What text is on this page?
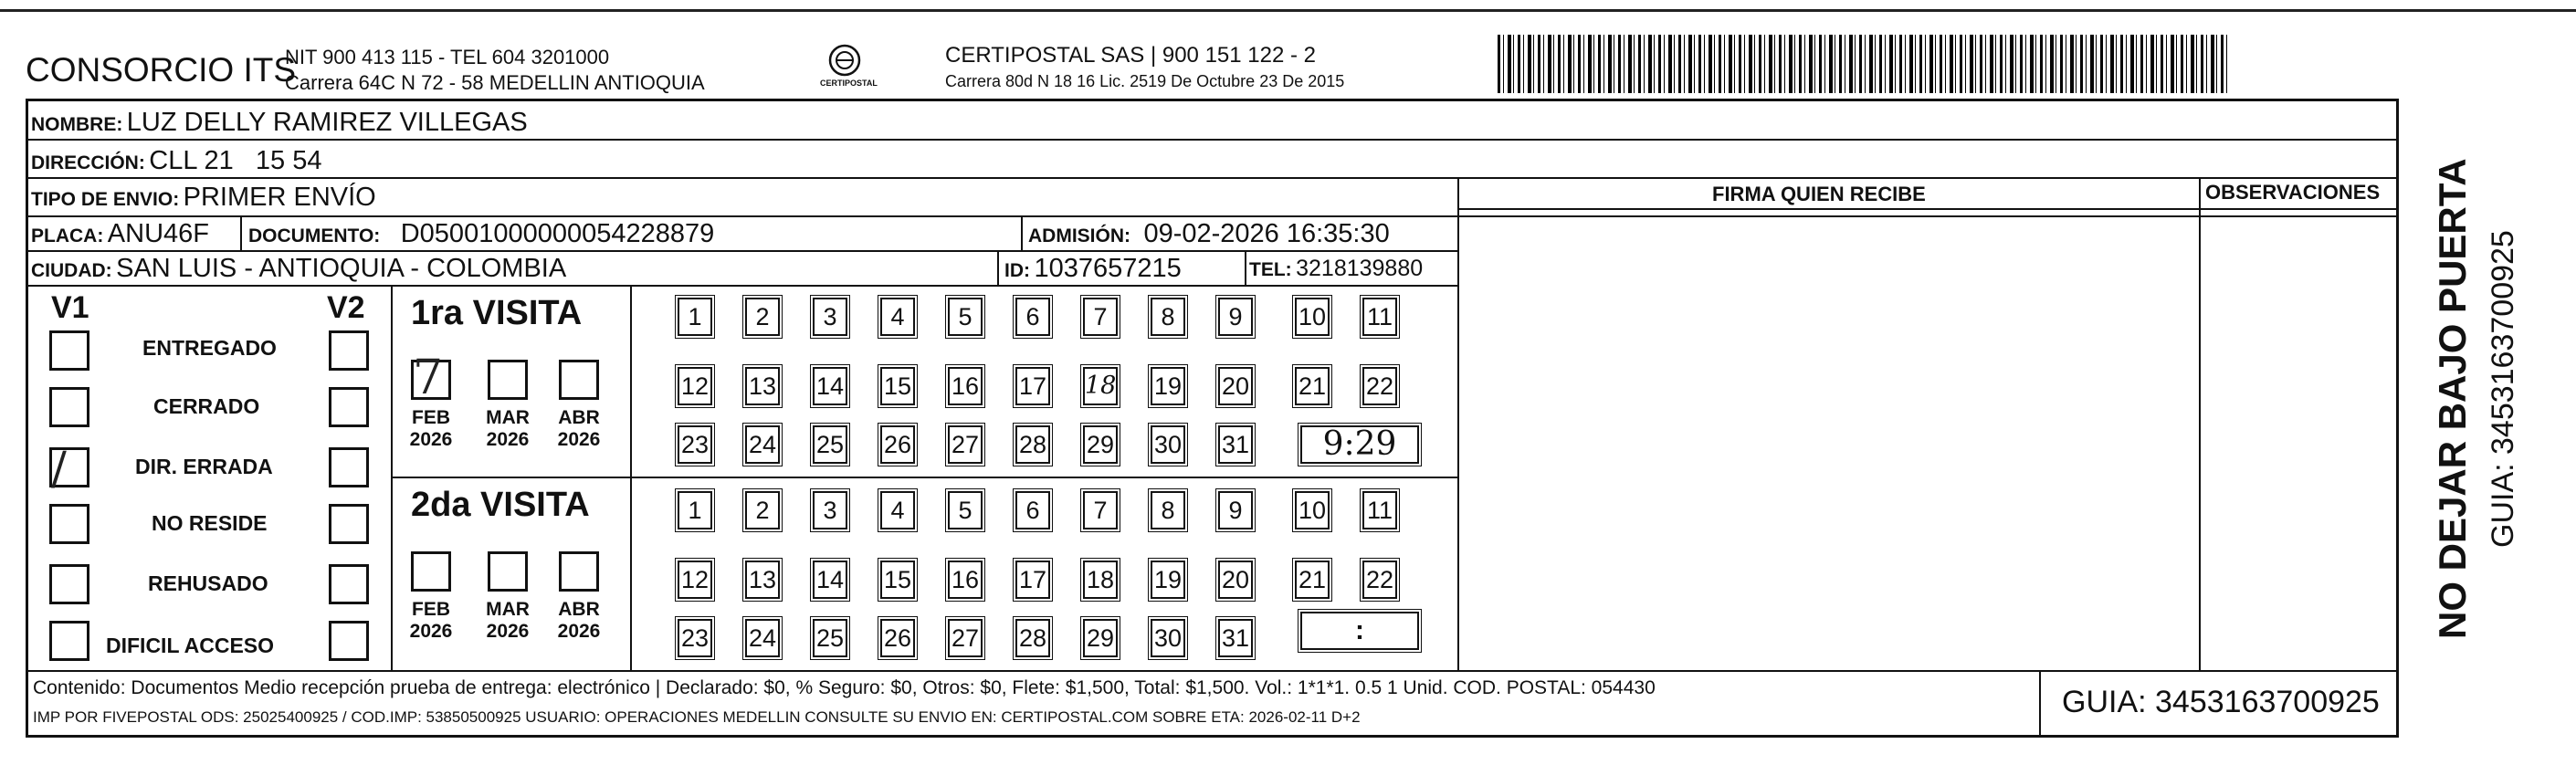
CONSORCIO ITS
NIT 900 413 115 - TEL 604 3201000
Carrera 64C N 72 - 58 MEDELLIN ANTIOQUIA	CERTIPOSTAL
CERTIPOSTAL SAS | 900 151 122 - 2
Carrera 80d N 18 16 Lic. 2519 De Octubre 23 De 2015
NOMBRE: LUZ DELLY RAMIREZ VILLEGAS
DIRECCIÓN: CLL 21   15 54
TIPO DE ENVIO: PRIMER ENVÍO	FIRMA QUIEN RECIBE	OBSERVACIONES
PLACA: ANU46F DOCUMENTO: D05001000000054228879	ADMISIÓN: 09-02-2026 16:35:30
CIUDAD: SAN LUIS - ANTIOQUIA - COLOMBIA	ID: 1037657215	TEL: 3218139880
V1	V2
ENTREGADO
CERRADO
/	DIR. ERRADA
NO RESIDE
REHUSADO
DIFICIL ACCESO
1ra VISITA
7
FEB
2026
MAR
2026
ABR
2026
2da VISITA
FEB
2026
MAR
2026
ABR
2026
1	2	3	4	5	6	7	8	9	10 11
12 13 14 15 16 17 18 19 20 21 22
23 24 25 26 27 28 29 30 31
1	2	3	4	5	6	7	8	9	10 11
12 13 14 15 16 17 18 19 20 21 22
23 24 25 26 27 28 29 30 31
9:29
:
Contenido: Documentos Medio recepción prueba de entrega: electrónico | Declarado: $0, % Seguro: $0, Otros: $0, Flete: $1,500, Total: $1,500. Vol.: 1*1*1. 0.5 1 Unid. COD. POSTAL: 054430
IMP POR FIVEPOSTAL ODS: 25025400925 / COD.IMP: 53850500925 USUARIO: OPERACIONES MEDELLIN CONSULTE SU ENVIO EN: CERTIPOSTAL.COM SOBRE ETA: 2026-02-11 D+2	GUIA: 3453163700925
NO DEJAR BAJO PUERTA GUIA: 3453163700925
